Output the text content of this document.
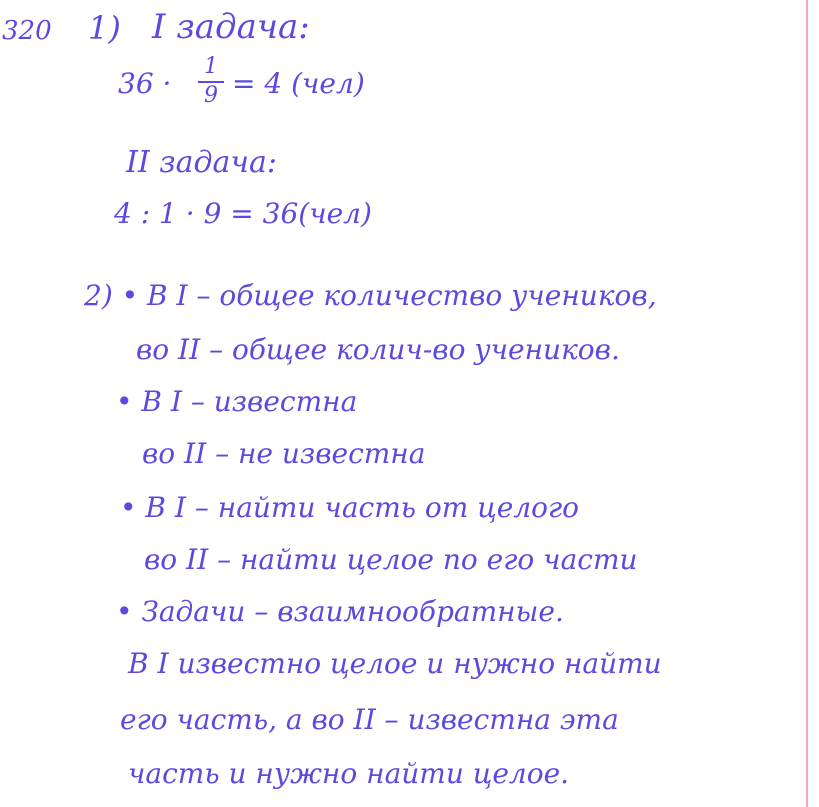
320 1) I задача:
36 ·
1
9 = 4 (чел)
II задача:
4 : 1 · 9 = 36(чел)
2) • В I – общее количество учеников,
во II – общее колич-во учеников.
• В I – известна
во II – не известна
• В I – найти часть от целого
во II – найти целое по его части
• Задачи – взаимнообратные.
В I известно целое и нужно найти
его часть, а во II – известна эта
часть и нужно найти целое.
